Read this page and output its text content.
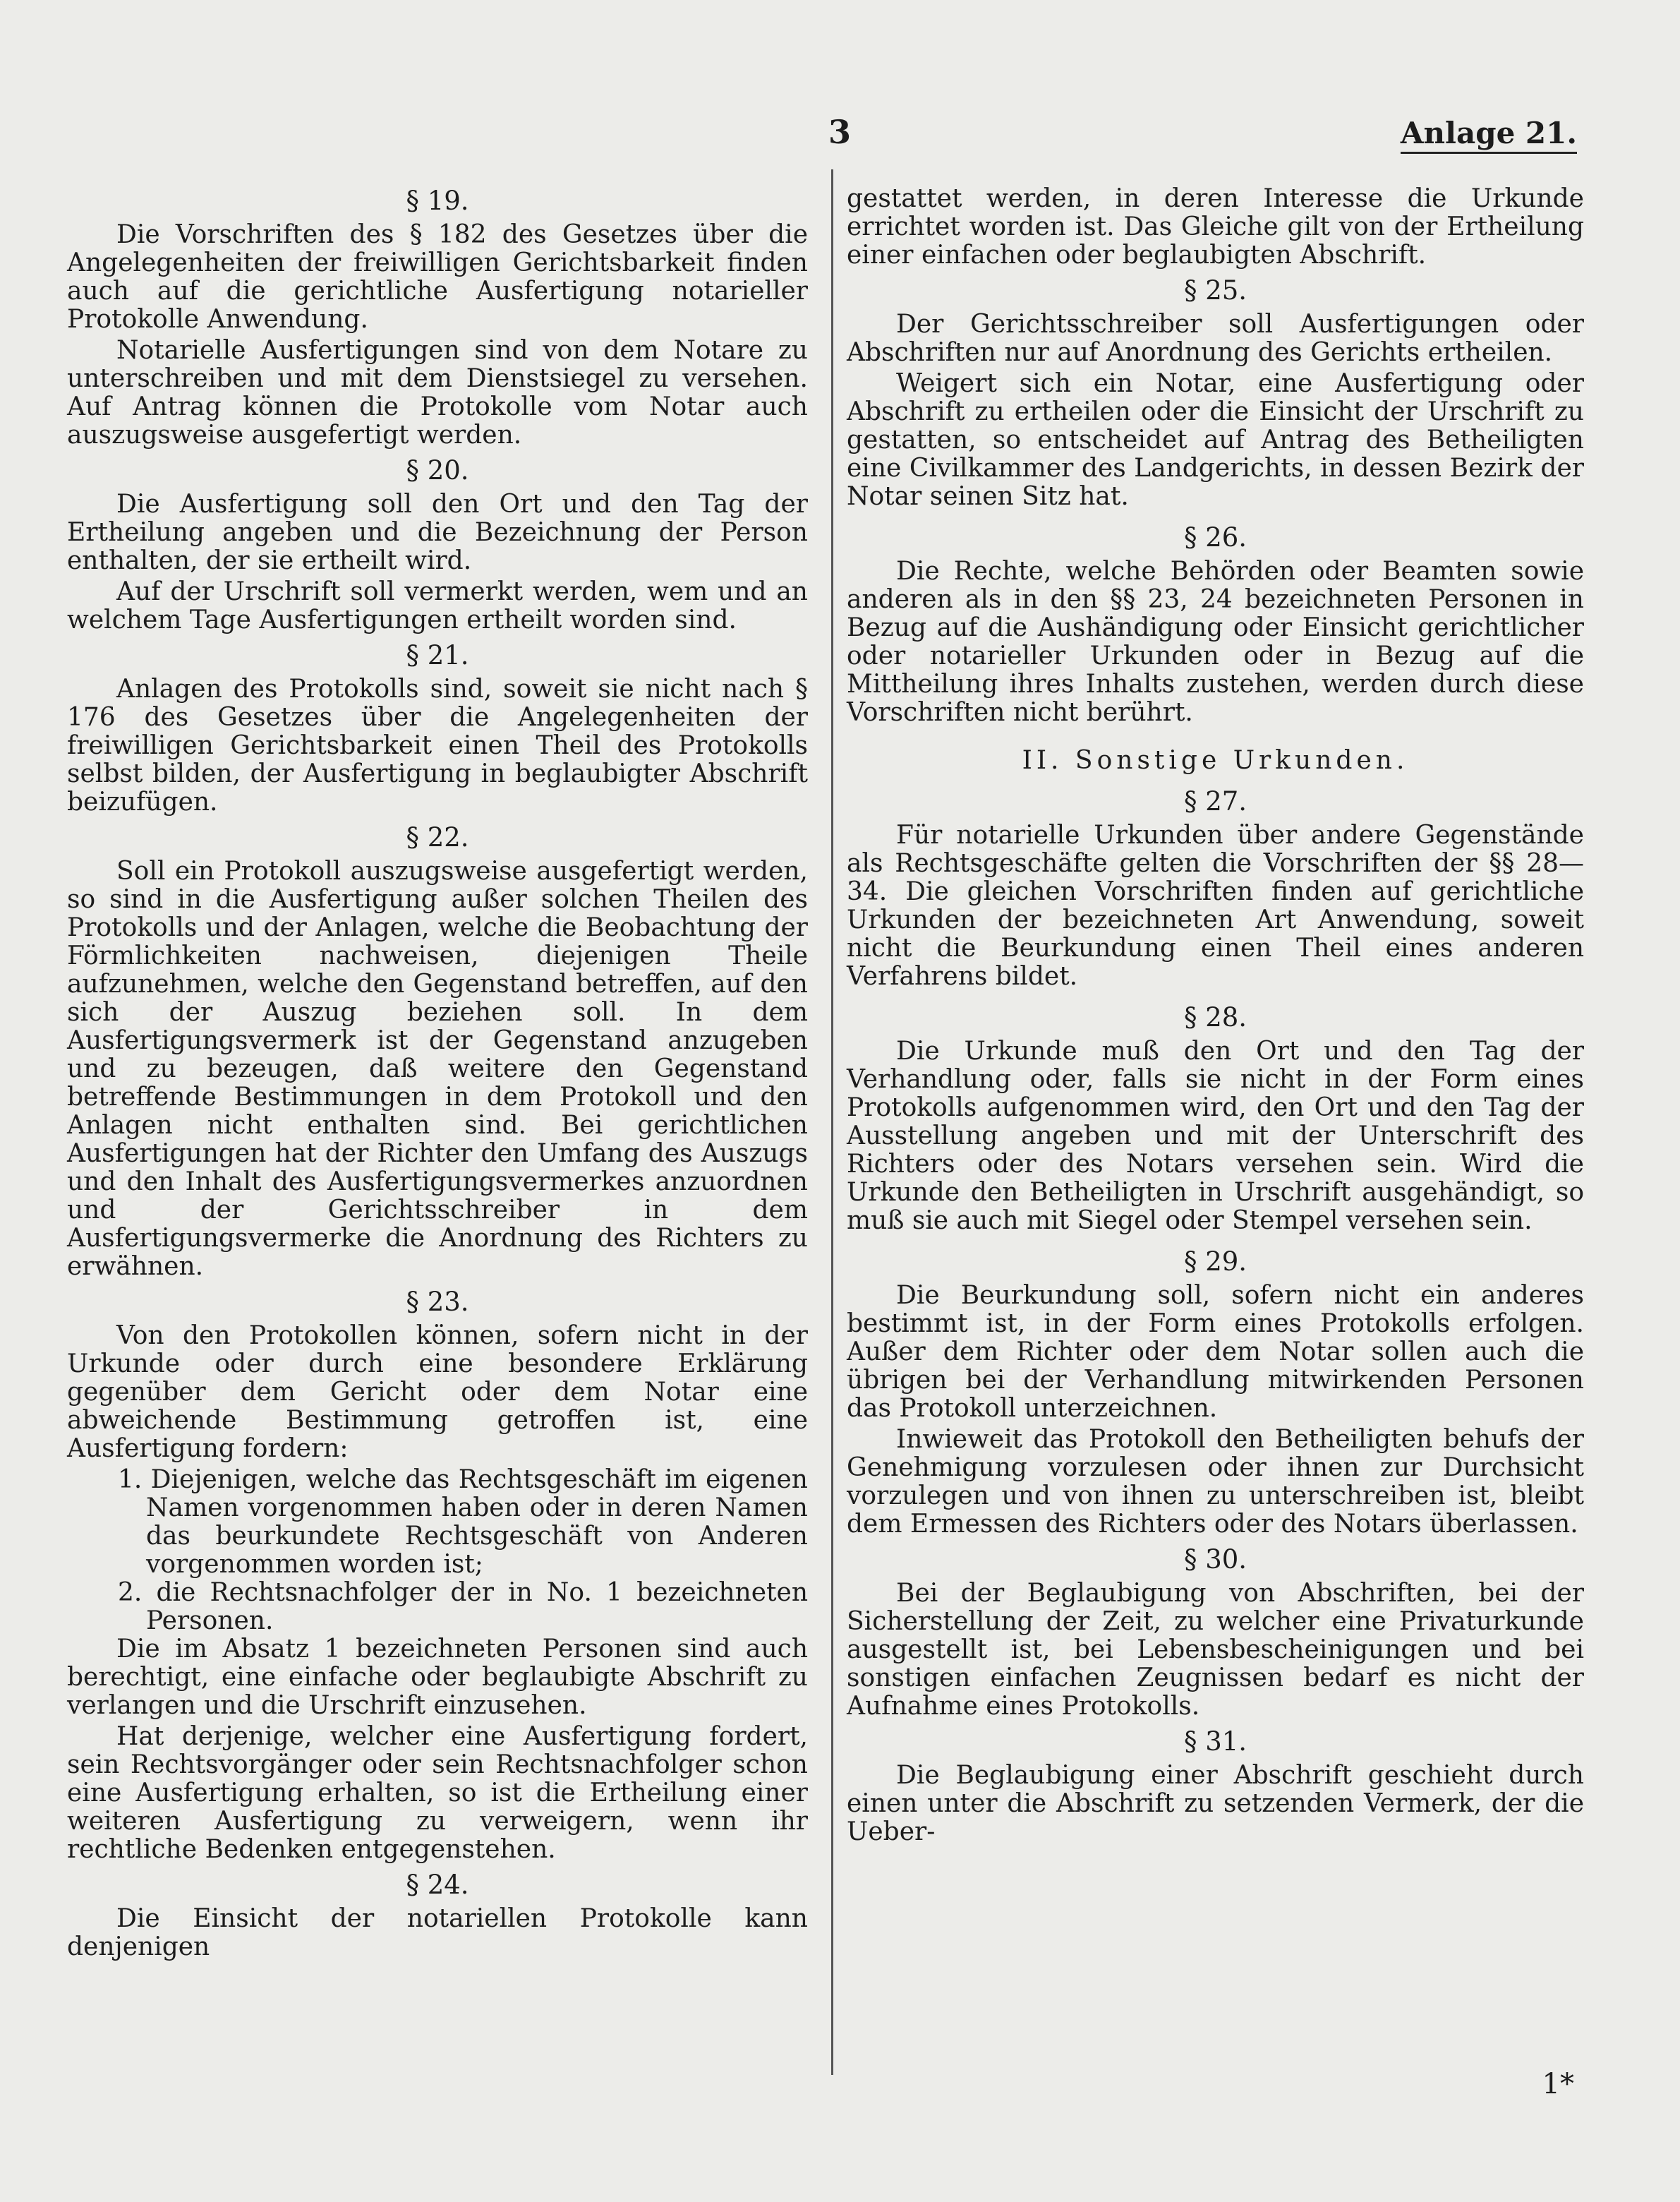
3	Anlage 21.
§ 19.

Die Vorschriften des § 182 des Gesetzes über die Angelegenheiten der freiwilligen Gerichtsbarkeit finden auch auf die gerichtliche Ausfertigung notarieller Protokolle Anwendung.

Notarielle Ausfertigungen sind von dem Notare zu unterschreiben und mit dem Dienstsiegel zu versehen. Auf Antrag können die Protokolle vom Notar auch auszugsweise ausgefertigt werden.

§ 20.

Die Ausfertigung soll den Ort und den Tag der Ertheilung angeben und die Bezeichnung der Person enthalten, der sie ertheilt wird.

Auf der Urschrift soll vermerkt werden, wem und an welchem Tage Ausfertigungen ertheilt worden sind.

§ 21.

Anlagen des Protokolls sind, soweit sie nicht nach § 176 des Gesetzes über die Angelegenheiten der freiwilligen Gerichtsbarkeit einen Theil des Protokolls selbst bilden, der Ausfertigung in beglaubigter Abschrift beizufügen.

§ 22.

Soll ein Protokoll auszugsweise ausgefertigt werden, so sind in die Ausfertigung außer solchen Theilen des Protokolls und der Anlagen, welche die Beobachtung der Förmlichkeiten nachweisen, diejenigen Theile aufzunehmen, welche den Gegenstand betreffen, auf den sich der Auszug beziehen soll. In dem Ausfertigungsvermerk ist der Gegenstand anzugeben und zu bezeugen, daß weitere den Gegenstand betreffende Bestimmungen in dem Protokoll und den Anlagen nicht enthalten sind. Bei gerichtlichen Ausfertigungen hat der Richter den Umfang des Auszugs und den Inhalt des Ausfertigungsvermerkes anzuordnen und der Gerichtsschreiber in dem Ausfertigungsvermerke die Anordnung des Richters zu erwähnen.

§ 23.

Von den Protokollen können, sofern nicht in der Urkunde oder durch eine besondere Erklärung gegenüber dem Gericht oder dem Notar eine abweichende Bestimmung getroffen ist, eine Ausfertigung fordern:

1. Diejenigen, welche das Rechtsgeschäft im eigenen Namen vorgenommen haben oder in deren Namen das beurkundete Rechtsgeschäft von Anderen vorgenommen worden ist;
2. die Rechtsnachfolger der in No. 1 bezeichneten Personen.

Die im Absatz 1 bezeichneten Personen sind auch berechtigt, eine einfache oder beglaubigte Abschrift zu verlangen und die Urschrift einzusehen.

Hat derjenige, welcher eine Ausfertigung fordert, sein Rechtsvorgänger oder sein Rechtsnachfolger schon eine Ausfertigung erhalten, so ist die Ertheilung einer weiteren Ausfertigung zu verweigern, wenn ihr rechtliche Bedenken entgegenstehen.

§ 24.

Die Einsicht der notariellen Protokolle kann denjenigen

gestattet werden, in deren Interesse die Urkunde errichtet worden ist. Das Gleiche gilt von der Ertheilung einer einfachen oder beglaubigten Abschrift.

§ 25.

Der Gerichtsschreiber soll Ausfertigungen oder Abschriften nur auf Anordnung des Gerichts ertheilen.

Weigert sich ein Notar, eine Ausfertigung oder Abschrift zu ertheilen oder die Einsicht der Urschrift zu gestatten, so entscheidet auf Antrag des Betheiligten eine Civilkammer des Landgerichts, in dessen Bezirk der Notar seinen Sitz hat.

§ 26.

Die Rechte, welche Behörden oder Beamten sowie anderen als in den §§ 23, 24 bezeichneten Personen in Bezug auf die Aushändigung oder Einsicht gerichtlicher oder notarieller Urkunden oder in Bezug auf die Mittheilung ihres Inhalts zustehen, werden durch diese Vorschriften nicht berührt.

II. Sonstige Urkunden.
§ 27.

Für notarielle Urkunden über andere Gegenstände als Rechtsgeschäfte gelten die Vorschriften der §§ 28—34. Die gleichen Vorschriften finden auf gerichtliche Urkunden der bezeichneten Art Anwendung, soweit nicht die Beurkundung einen Theil eines anderen Verfahrens bildet.

§ 28.

Die Urkunde muß den Ort und den Tag der Verhandlung oder, falls sie nicht in der Form eines Protokolls aufgenommen wird, den Ort und den Tag der Ausstellung angeben und mit der Unterschrift des Richters oder des Notars versehen sein. Wird die Urkunde den Betheiligten in Urschrift ausgehändigt, so muß sie auch mit Siegel oder Stempel versehen sein.

§ 29.

Die Beurkundung soll, sofern nicht ein anderes bestimmt ist, in der Form eines Protokolls erfolgen. Außer dem Richter oder dem Notar sollen auch die übrigen bei der Verhandlung mitwirkenden Personen das Protokoll unterzeichnen.

Inwieweit das Protokoll den Betheiligten behufs der Genehmigung vorzulesen oder ihnen zur Durchsicht vorzulegen und von ihnen zu unterschreiben ist, bleibt dem Ermessen des Richters oder des Notars überlassen.

§ 30.

Bei der Beglaubigung von Abschriften, bei der Sicherstellung der Zeit, zu welcher eine Privaturkunde ausgestellt ist, bei Lebensbescheinigungen und bei sonstigen einfachen Zeugnissen bedarf es nicht der Aufnahme eines Protokolls.

§ 31.

Die Beglaubigung einer Abschrift geschieht durch einen unter die Abschrift zu setzenden Vermerk, der die Ueber-

1*
